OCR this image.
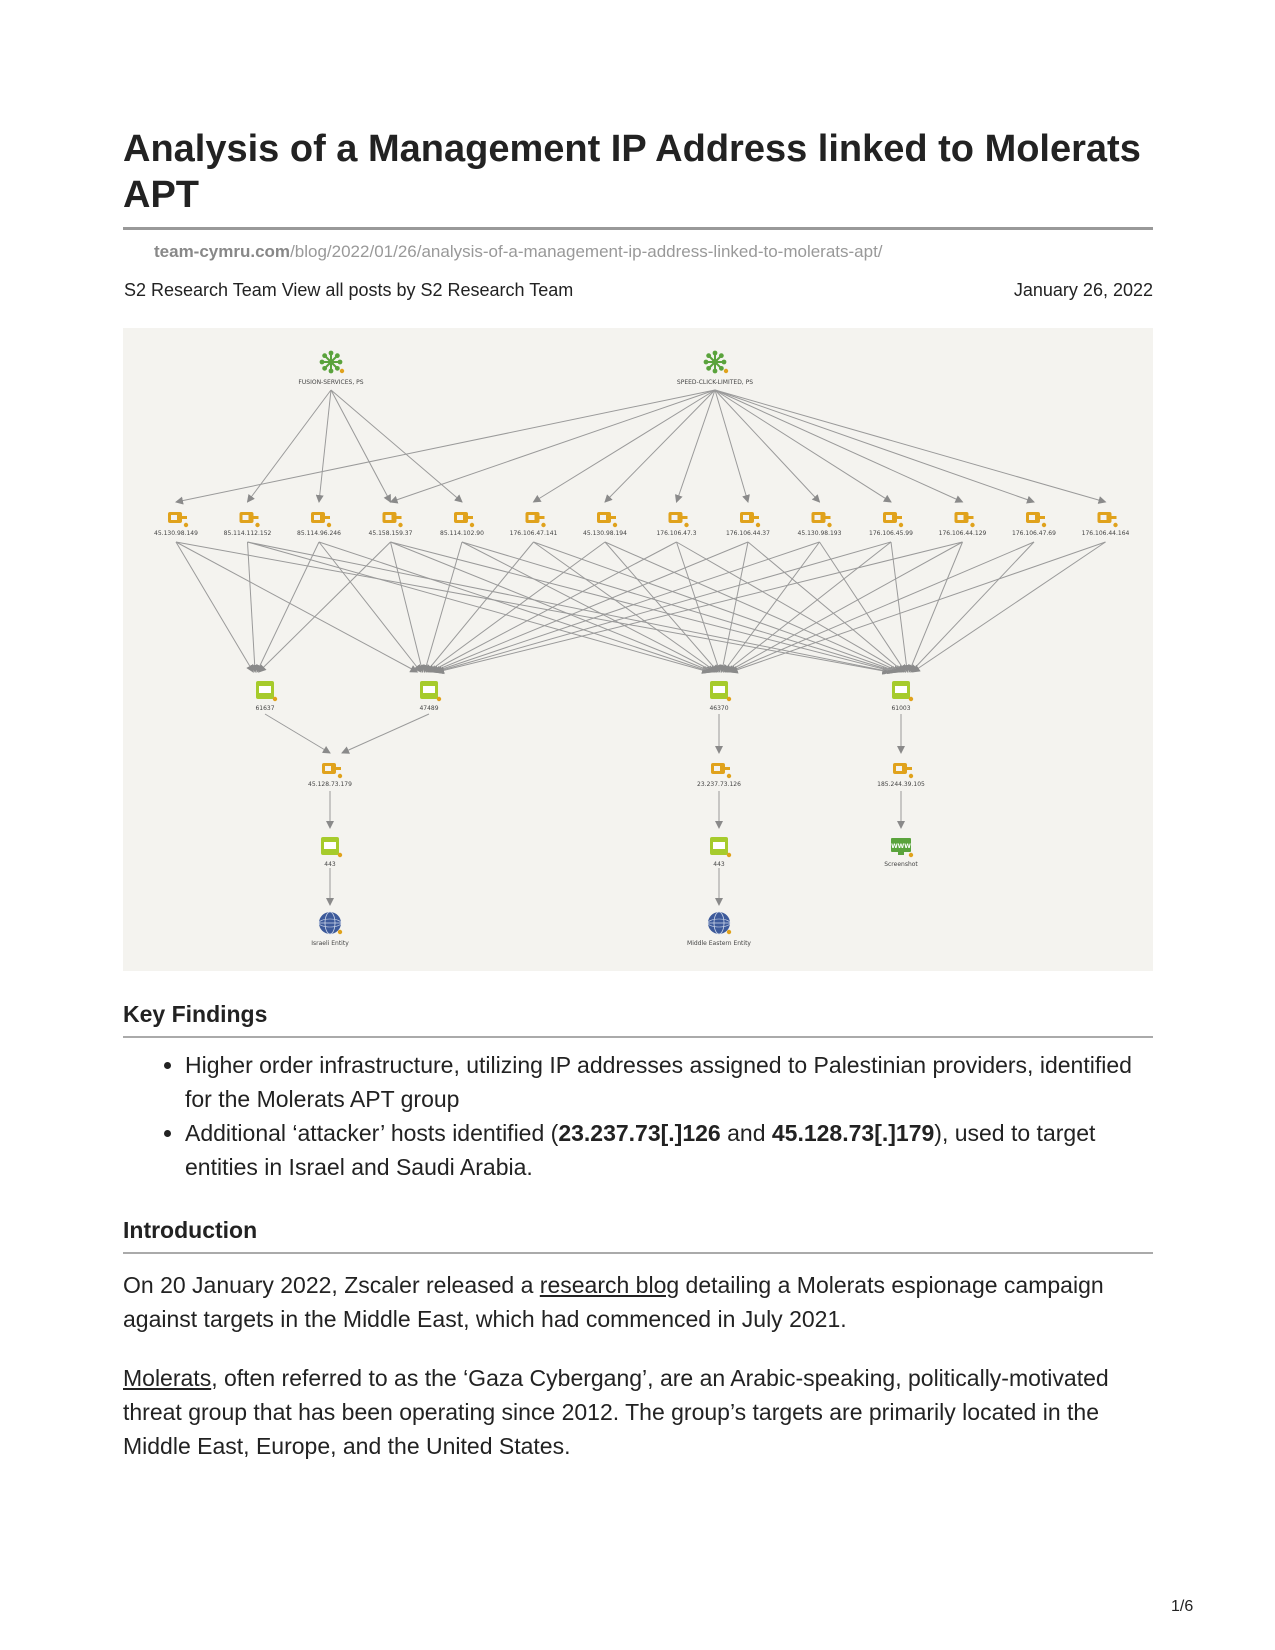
Analysis of a Management IP Address linked to Molerats APT
team-cymru.com/blog/2022/01/26/analysis-of-a-management-ip-address-linked-to-molerats-apt/
S2 Research Team View all posts by S2 Research Team	January 26, 2022
FUSION-SERVICES, PS	SPEED-CLICK-LIMITED, PS
45.130.98.149	85.114.112.152	85.114.96.246	45.158.159.37	85.114.102.90	176.106.47.141	45.130.98.194	176.106.47.3	176.106.44.37	45.130.98.193	176.106.45.99	176.106.44.129	176.106.47.69	176.106.44.164
61637	47489	46370	61003
45.128.73.179	23.237.73.126	185.244.39.105
443	443
WWW
Screenshot
Israeli Entity	Middle Eastern Entity
Key Findings
• Higher order infrastructure, utilizing IP addresses assigned to Palestinian providers, identified for the Molerats APT group
• Additional ‘attacker’ hosts identified (23.237.73[.]126 and 45.128.73[.]179), used to target entities in Israel and Saudi Arabia.
Introduction

On 20 January 2022, Zscaler released a research blog detailing a Molerats espionage campaign against targets in the Middle East, which had commenced in July 2021.

Molerats, often referred to as the ‘Gaza Cybergang’, are an Arabic-speaking, politically-motivated threat group that has been operating since 2012. The group’s targets are primarily located in the Middle East, Europe, and the United States.

1/6
